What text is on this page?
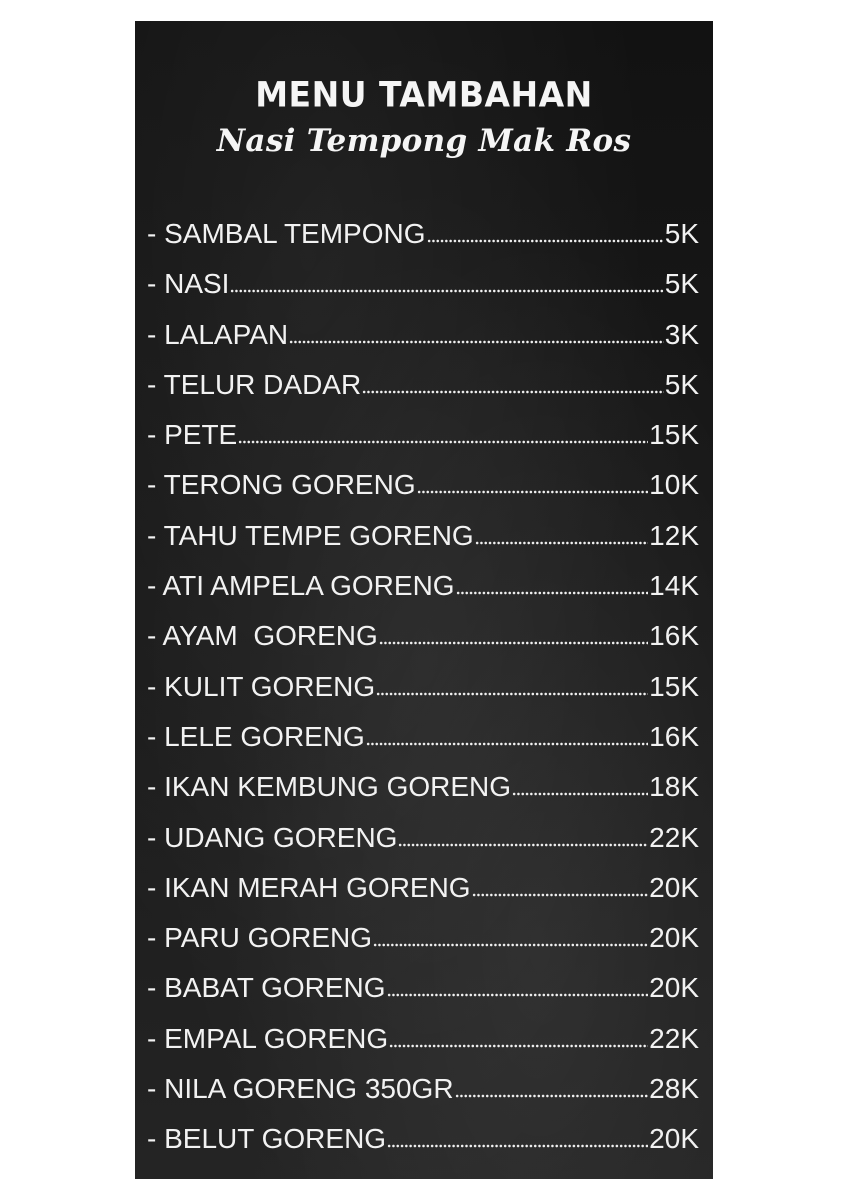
MENU TAMBAHAN
Nasi Tempong Mak Ros
- SAMBAL TEMPONG	5K
- NASI	5K
- LALAPAN	3K
- TELUR DADAR	5K
- PETE	15K
- TERONG GORENG	10K
- TAHU TEMPE GORENG	12K
- ATI AMPELA GORENG	14K
- AYAM  GORENG	16K
- KULIT GORENG	15K
- LELE GORENG	16K
- IKAN KEMBUNG GORENG	18K
- UDANG GORENG	22K
- IKAN MERAH GORENG	20K
- PARU GORENG	20K
- BABAT GORENG	20K
- EMPAL GORENG	22K
- NILA GORENG 350GR	28K
- BELUT GORENG	20K
